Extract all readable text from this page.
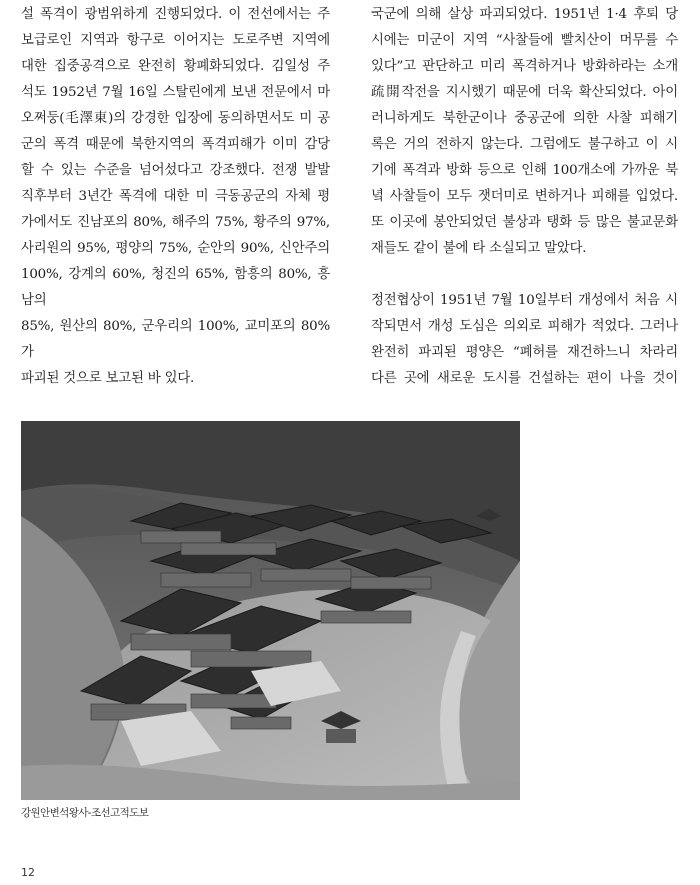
설 폭격이 광범위하게 진행되었다. 이 전선에서는 주
보급로인 지역과 항구로 이어지는 도로주변 지역에
대한 집중공격으로 완전히 황폐화되었다. 김일성 주
석도 1952년 7월 16일 스탈린에게 보낸 전문에서 마
오쩌둥(毛澤東)의 강경한 입장에 동의하면서도 미 공
군의 폭격 때문에 북한지역의 폭격피해가 이미 감당
할 수 있는 수준을 넘어섰다고 강조했다. 전쟁 발발
직후부터 3년간 폭격에 대한 미 극동공군의 자체 평
가에서도 진남포의 80%, 해주의 75%, 황주의 97%,
사리원의 95%, 평양의 75%, 순안의 90%, 신안주의
100%, 강계의 60%, 청진의 65%, 함흥의 80%, 흥남의
85%, 원산의 80%, 군우리의 100%, 교미포의 80%가

파괴된 것으로 보고된 바 있다.

국군에 의해 살상 파괴되었다. 1951년 1·4 후퇴 당
시에는 미군이 지역 “사찰들에 빨치산이 머무를 수
있다”고 판단하고 미리 폭격하거나 방화하라는 소개
疏開작전을 지시했기 때문에 더욱 확산되었다. 아이
러니하게도 북한군이나 중공군에 의한 사찰 피해기
록은 거의 전하지 않는다. 그럼에도 불구하고 이 시
기에 폭격과 방화 등으로 인해 100개소에 가까운 북
녘 사찰들이 모두 잿더미로 변하거나 피해를 입었다.
또 이곳에 봉안되었던 불상과 탱화 등 많은 불교문화

재들도 같이 불에 타 소실되고 말았다.

정전협상이 1951년 7월 10일부터 개성에서 처음 시
작되면서 개성 도심은 의외로 피해가 적었다. 그러나
완전히 파괴된 평양은 “폐허를 재건하느니 차라리
다른 곳에 새로운 도시를 건설하는 편이 나을 것이

강원안변석왕사-조선고적도보
12
